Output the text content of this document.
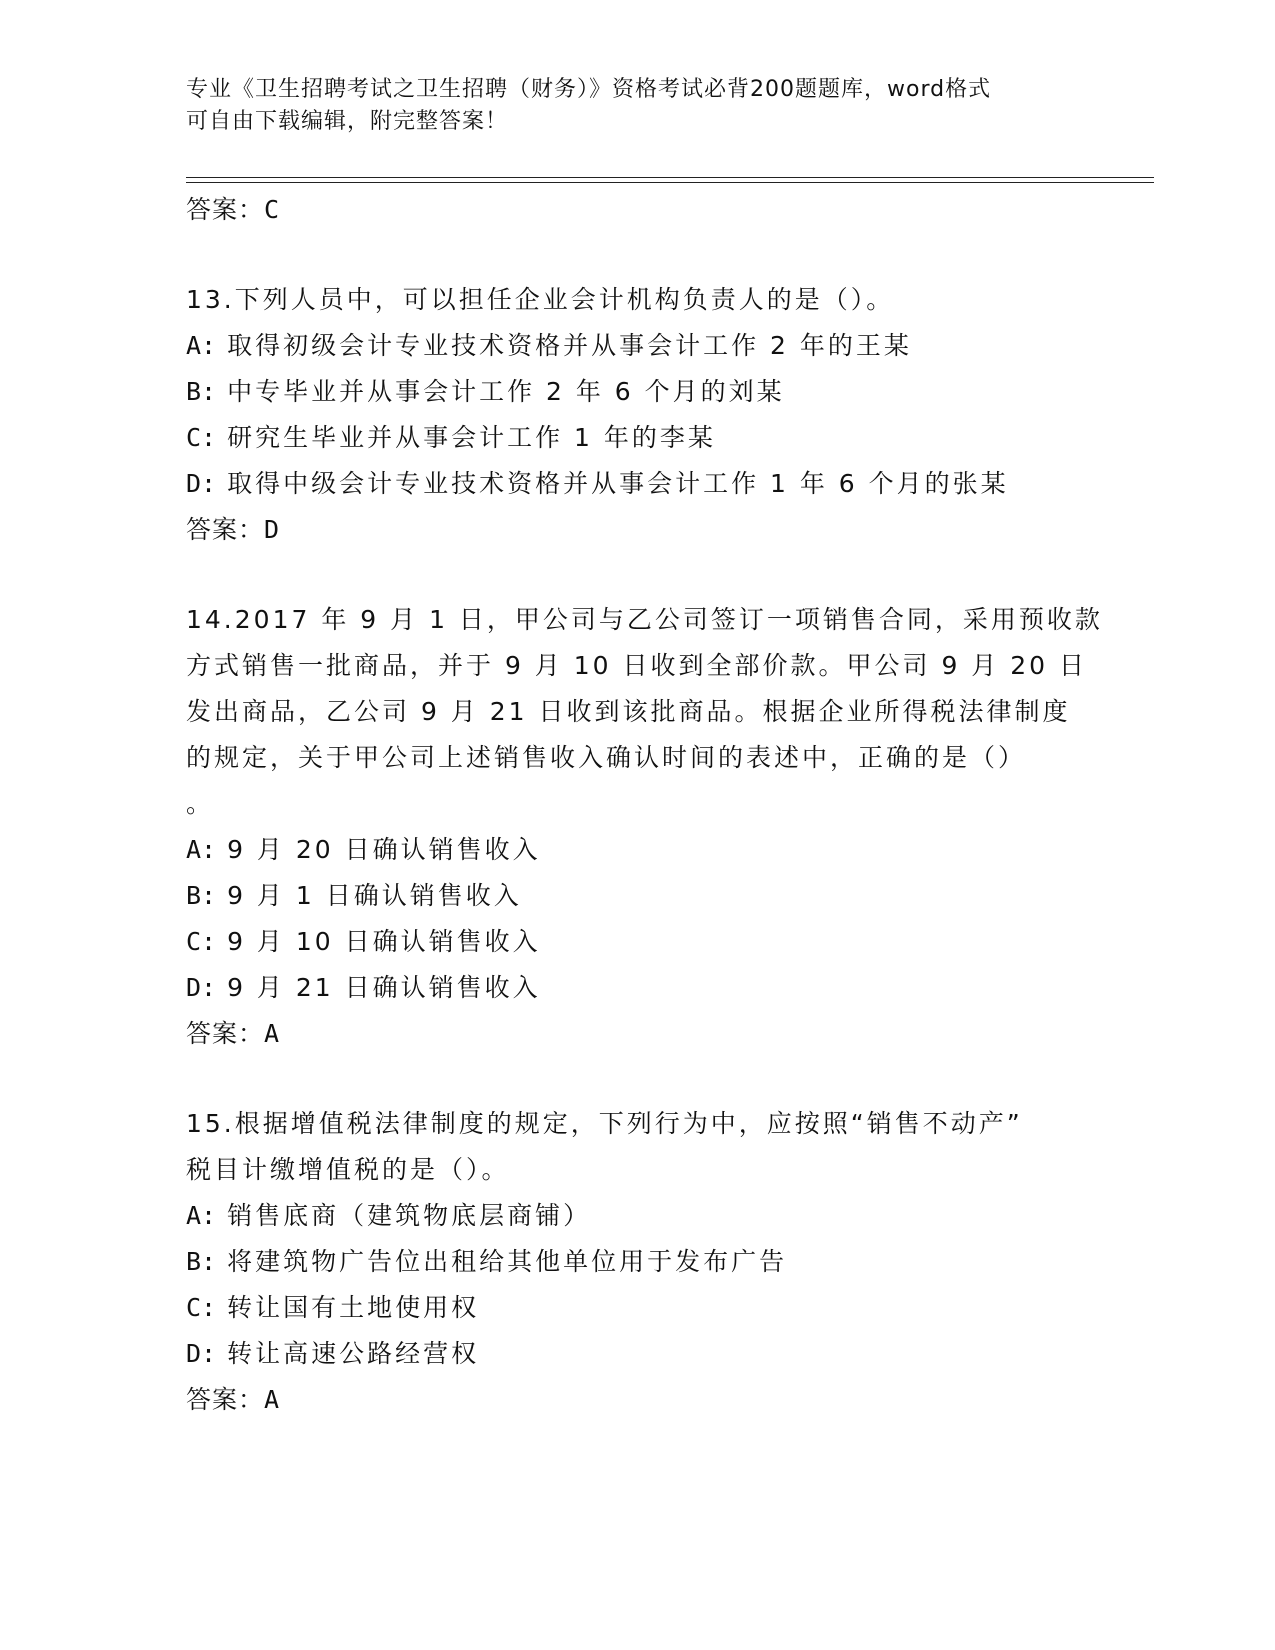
专业《卫生招聘考试之卫生招聘（财务）》资格考试必背200题题库，word格式
可自由下载编辑，附完整答案！
答案：C
13.下列人员中，可以担任企业会计机构负责人的是（）。
A: 取得初级会计专业技术资格并从事会计工作 2 年的王某
B: 中专毕业并从事会计工作 2 年 6 个月的刘某
C: 研究生毕业并从事会计工作 1 年的李某
D: 取得中级会计专业技术资格并从事会计工作 1 年 6 个月的张某
答案：D
14.2017 年 9 月 1 日，甲公司与乙公司签订一项销售合同，采用预收款
方式销售一批商品，并于 9 月 10 日收到全部价款。甲公司 9 月 20 日
发出商品，乙公司 9 月 21 日收到该批商品。根据企业所得税法律制度
的规定，关于甲公司上述销售收入确认时间的表述中，正确的是（）
。
A: 9 月 20 日确认销售收入
B: 9 月 1 日确认销售收入
C: 9 月 10 日确认销售收入
D: 9 月 21 日确认销售收入
答案：A
15.根据增值税法律制度的规定，下列行为中，应按照“销售不动产”
税目计缴增值税的是（）。
A: 销售底商（建筑物底层商铺）
B: 将建筑物广告位出租给其他单位用于发布广告
C: 转让国有土地使用权
D: 转让高速公路经营权
答案：A
